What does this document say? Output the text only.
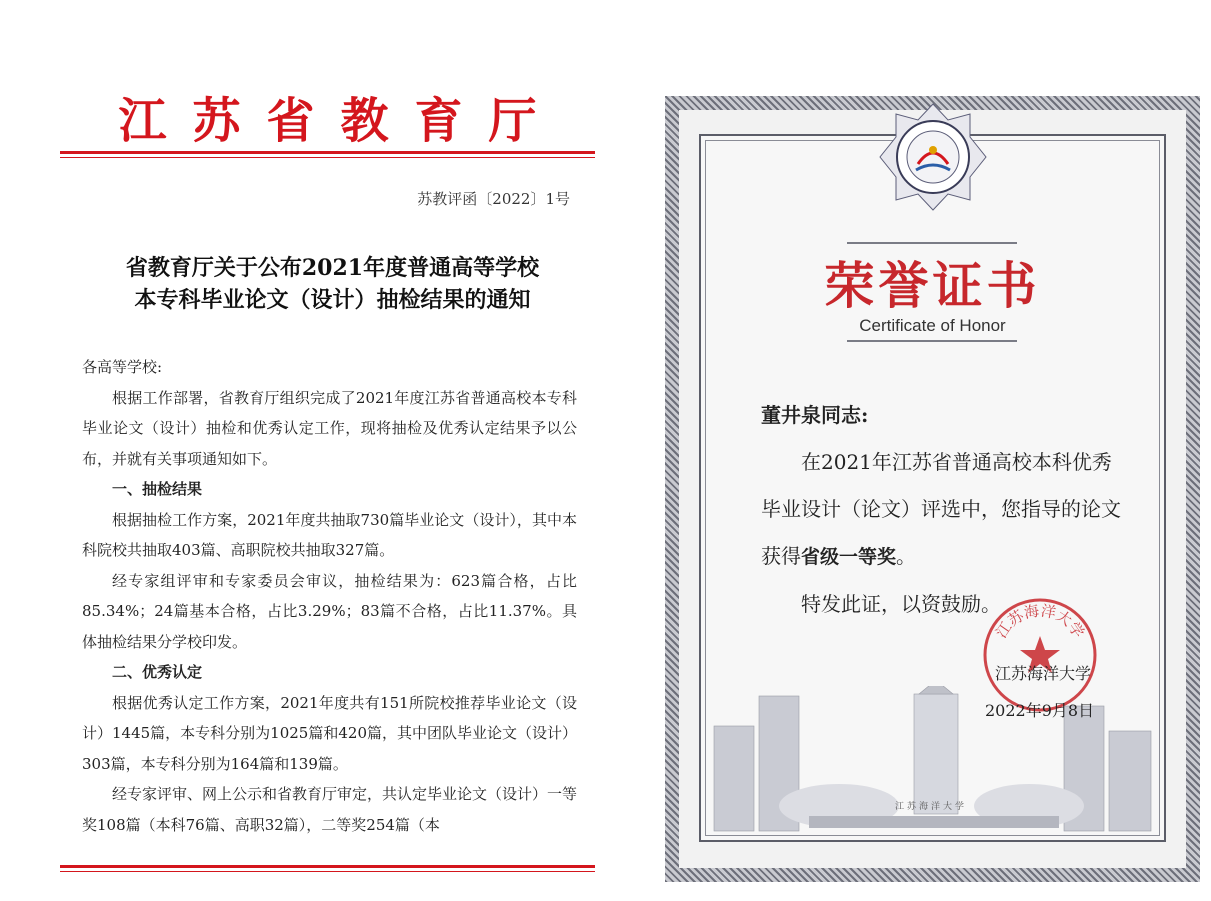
江苏省教育厅
苏教评函〔2022〕1号
省教育厅关于公布2021年度普通高等学校
本专科毕业论文（设计）抽检结果的通知

各高等学校:

根据工作部署，省教育厅组织完成了2021年度江苏省普通高校本专科毕业论文（设计）抽检和优秀认定工作，现将抽检及优秀认定结果予以公布，并就有关事项通知如下。

一、抽检结果

根据抽检工作方案，2021年度共抽取730篇毕业论文（设计），其中本科院校共抽取403篇、高职院校共抽取327篇。

经专家组评审和专家委员会审议，抽检结果为：623篇合格，占比85.34%；24篇基本合格，占比3.29%；83篇不合格，占比11.37%。具体抽检结果分学校印发。

二、优秀认定

根据优秀认定工作方案，2021年度共有151所院校推荐毕业论文（设计）1445篇，本专科分别为1025篇和420篇，其中团队毕业论文（设计）303篇，本专科分别为164篇和139篇。

经专家评审、网上公示和省教育厅审定，共认定毕业论文（设计）一等奖108篇（本科76篇、高职32篇），二等奖254篇（本

荣誉证书
Certificate of Honor

董井泉同志:

在2021年江苏省普通高校本科优秀毕业设计（论文）评选中，您指导的论文获得省级一等奖。

特发此证，以资鼓励。

江苏海洋大学
江苏海洋大学
江苏海洋大学
2022年9月8日
